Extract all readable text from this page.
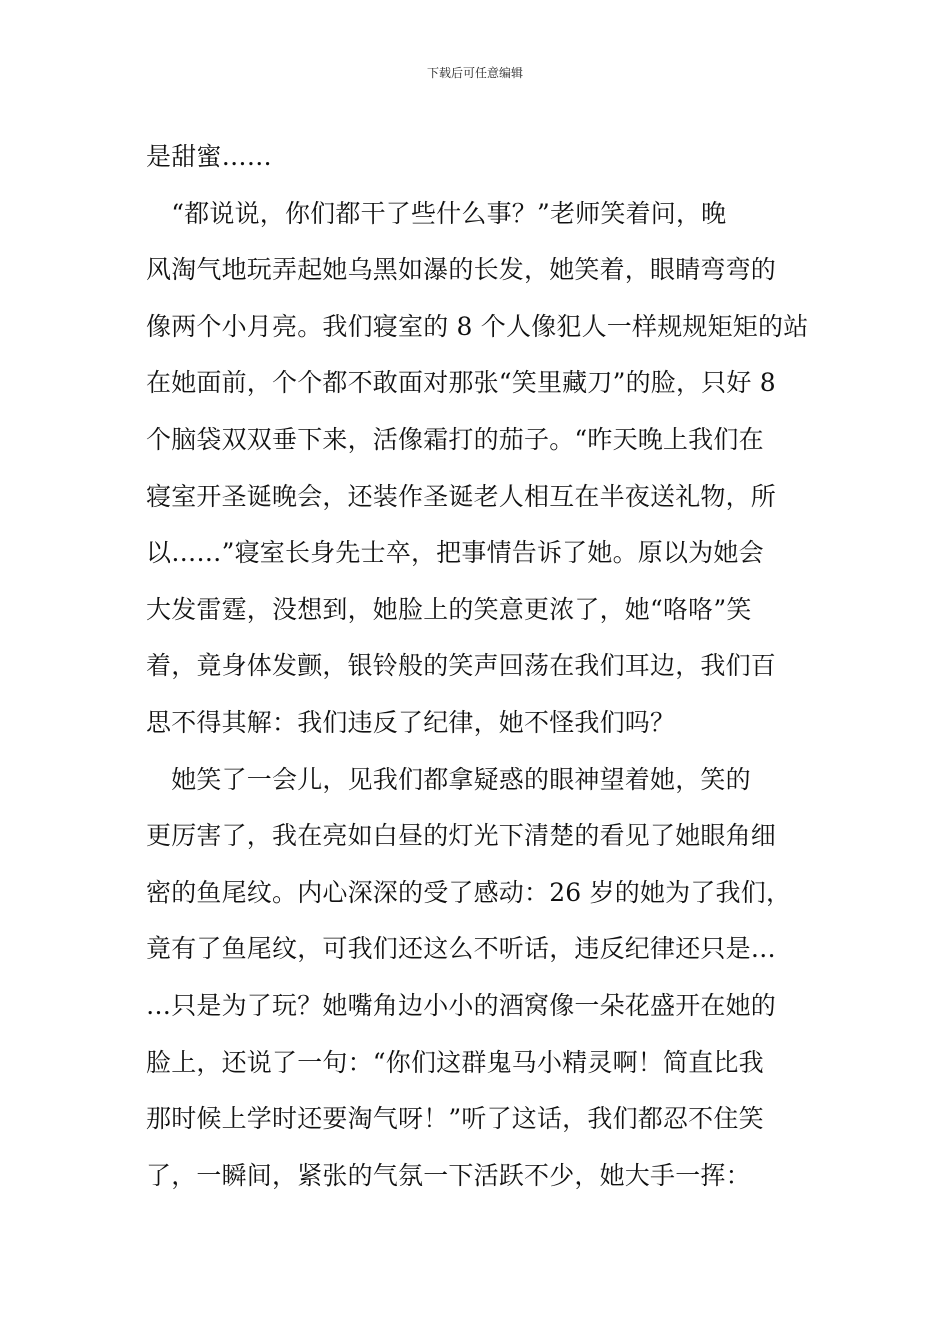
下载后可任意编辑
是甜蜜……
　“都说说，你们都干了些什么事？”老师笑着问，晚
风淘气地玩弄起她乌黑如瀑的长发，她笑着，眼睛弯弯的
像两个小月亮。我们寝室的 8 个人像犯人一样规规矩矩的站
在她面前，个个都不敢面对那张“笑里藏刀”的脸，只好 8
个脑袋双双垂下来，活像霜打的茄子。“昨天晚上我们在
寝室开圣诞晚会，还装作圣诞老人相互在半夜送礼物，所
以……”寝室长身先士卒，把事情告诉了她。原以为她会
大发雷霆，没想到，她脸上的笑意更浓了，她“咯咯”笑
着，竟身体发颤，银铃般的笑声回荡在我们耳边，我们百
思不得其解：我们违反了纪律，她不怪我们吗？
　她笑了一会儿，见我们都拿疑惑的眼神望着她，笑的
更厉害了，我在亮如白昼的灯光下清楚的看见了她眼角细
密的鱼尾纹。内心深深的受了感动：26 岁的她为了我们，
竟有了鱼尾纹，可我们还这么不听话，违反纪律还只是…
…只是为了玩？她嘴角边小小的酒窝像一朵花盛开在她的
脸上，还说了一句：“你们这群鬼马小精灵啊！简直比我
那时候上学时还要淘气呀！”听了这话，我们都忍不住笑
了，一瞬间，紧张的气氛一下活跃不少，她大手一挥：
